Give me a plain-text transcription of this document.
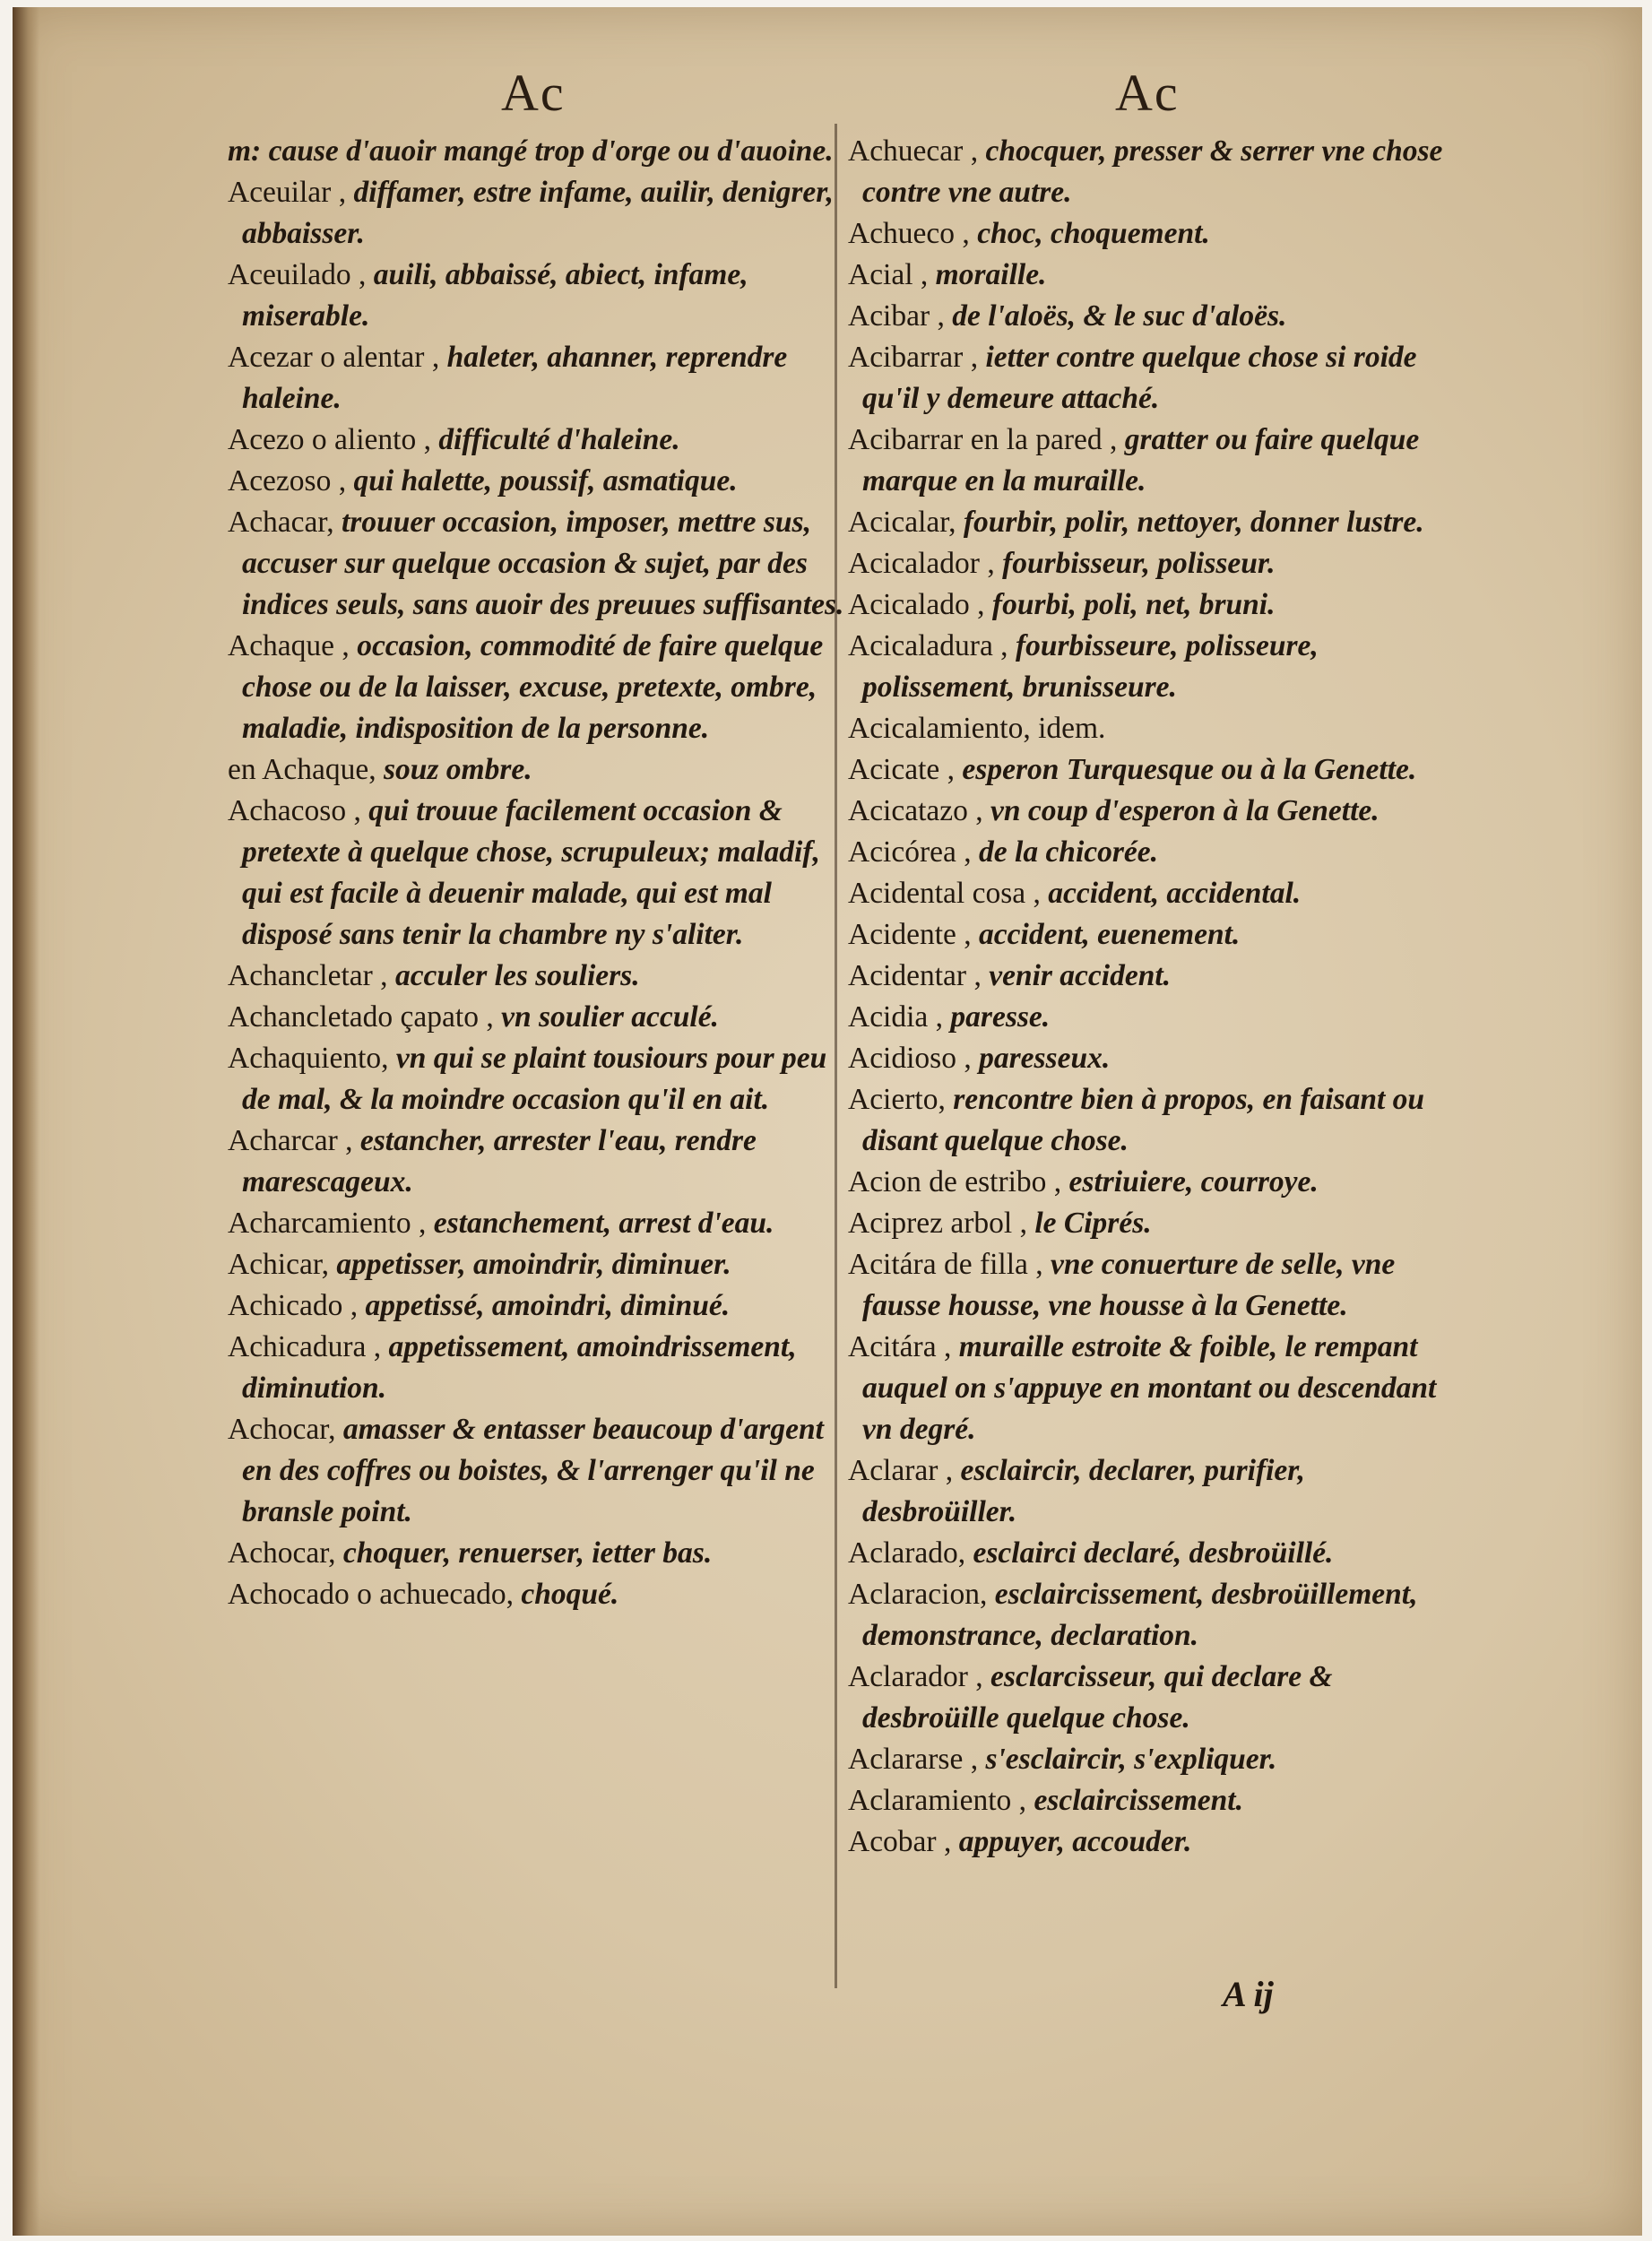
Ac	Ac
m: cause d'auoir mangé trop d'orge ou d'auoine.
Aceuilar , diffamer, estre infame, auilir, denigrer, abbaisser.
Aceuilado , auili, abbaissé, abiect, infame, miserable.
Acezar o alentar , haleter, ahanner, reprendre haleine.
Acezo o aliento , difficulté d'haleine.
Acezoso , qui halette, poussif, asmatique.
Achacar, trouuer occasion, imposer, mettre sus, accuser sur quelque occasion & sujet, par des indices seuls, sans auoir des preuues suffisantes.
Achaque , occasion, commodité de faire quelque chose ou de la laisser, excuse, pretexte, ombre, maladie, indisposition de la personne.
en Achaque, souz ombre.
Achacoso , qui trouue facilement occasion & pretexte à quelque chose, scrupuleux; maladif, qui est facile à deuenir malade, qui est mal disposé sans tenir la chambre ny s'aliter.
Achancletar , acculer les souliers.
Achancletado çapato , vn soulier acculé.
Achaquiento, vn qui se plaint tousiours pour peu de mal, & la moindre occasion qu'il en ait.
Acharcar , estancher, arrester l'eau, rendre marescageux.
Acharcamiento , estanchement, arrest d'eau.
Achicar, appetisser, amoindrir, diminuer.
Achicado , appetissé, amoindri, diminué.
Achicadura , appetissement, amoindrissement, diminution.
Achocar, amasser & entasser beaucoup d'argent en des coffres ou boistes, & l'arrenger qu'il ne bransle point.
Achocar, choquer, renuerser, ietter bas.
Achocado o achuecado, choqué.
Achuecar , chocquer, presser & serrer vne chose contre vne autre.
Achueco , choc, choquement.
Acial , moraille.
Acibar , de l'aloës, & le suc d'aloës.
Acibarrar , ietter contre quelque chose si roide qu'il y demeure attaché.
Acibarrar en la pared , gratter ou faire quelque marque en la muraille.
Acicalar, fourbir, polir, nettoyer, donner lustre.
Acicalador , fourbisseur, polisseur.
Acicalado , fourbi, poli, net, bruni.
Acicaladura , fourbisseure, polisseure, polissement, brunisseure.
Acicalamiento, idem.
Acicate , esperon Turquesque ou à la Genette.
Acicatazo , vn coup d'esperon à la Genette.
Acicórea , de la chicorée.
Acidental cosa , accident, accidental.
Acidente , accident, euenement.
Acidentar , venir accident.
Acidia , paresse.
Acidioso , paresseux.
Acierto, rencontre bien à propos, en faisant ou disant quelque chose.
Acion de estribo , estriuiere, courroye.
Aciprez arbol , le Ciprés.
Acitára de filla , vne conuerture de selle, vne fausse housse, vne housse à la Genette.
Acitára , muraille estroite & foible, le rempant auquel on s'appuye en montant ou descendant vn degré.
Aclarar , esclaircir, declarer, purifier, desbroüiller.
Aclarado, esclairci declaré, desbroüillé.
Aclaracion, esclaircissement, desbroüillement, demonstrance, declaration.
Aclarador , esclarcisseur, qui declare & desbroüille quelque chose.
Aclararse , s'esclaircir, s'expliquer.
Aclaramiento , esclaircissement.
Acobar , appuyer, accouder.
A ij
